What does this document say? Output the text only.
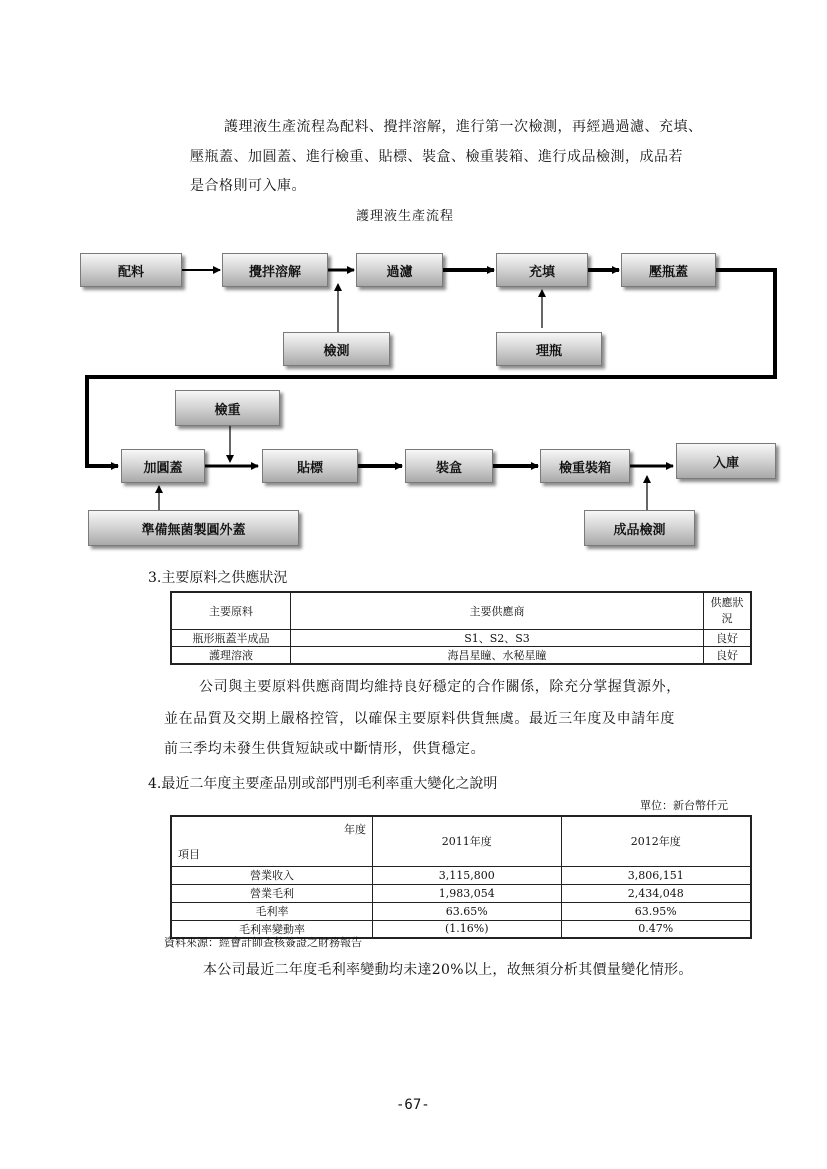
護理液生產流程為配料、攪拌溶解，進行第一次檢測，再經過過濾、充填、
壓瓶蓋、加圓蓋、進行檢重、貼標、裝盒、檢重裝箱、進行成品檢測，成品若
是合格則可入庫。
護理液生產流程
配料	攪拌溶解	過濾	充填	壓瓶蓋
檢測	理瓶
檢重
加圓蓋	貼標	裝盒	檢重裝箱	入庫
準備無菌製圓外蓋	成品檢測
3.主要原料之供應狀況
主要原料	主要供應商	供應狀況
瓶形瓶蓋半成品	S1、S2、S3	良好
護理溶液	海昌星瞳、水秘星瞳	良好
公司與主要原料供應商間均維持良好穩定的合作關係，除充分掌握貨源外，
並在品質及交期上嚴格控管，以確保主要原料供貨無虞。最近三年度及申請年度
前三季均未發生供貨短缺或中斷情形，供貨穩定。
4.最近二年度主要產品別或部門別毛利率重大變化之說明
單位：新台幣仟元
年度
項目	2011年度	2012年度
營業收入	3,115,800	3,806,151
營業毛利	1,983,054	2,434,048
毛利率	63.65%	63.95%
毛利率變動率	(1.16%)	0.47%
資料來源：經會計師查核簽證之財務報告
本公司最近二年度毛利率變動均未達20%以上，故無須分析其價量變化情形。
-67-
